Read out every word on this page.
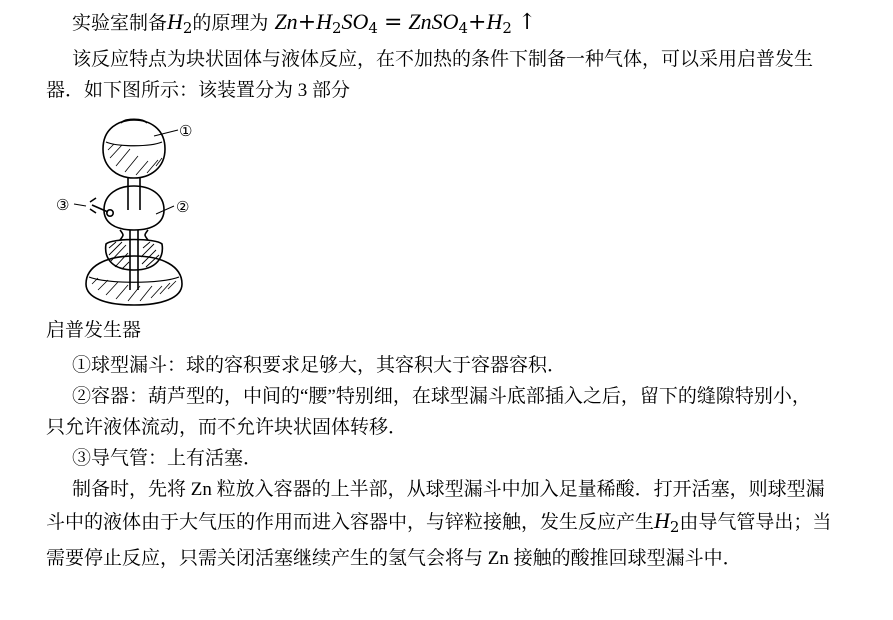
实验室制备$H_2$的原理为 $Zn+H_2SO_4$ = $ZnSO_4+H_2$ ↑
该反应特点为块状固体与液体反应，在不加热的条件下制备一种气体，可以采用启普发生
器．如下图所示：该装置分为 3 部分
①
②
③
启普发生器
①球型漏斗：球的容积要求足够大，其容积大于容器容积．
②容器：葫芦型的，中间的“腰”特别细，在球型漏斗底部插入之后，留下的缝隙特别小，
只允许液体流动，而不允许块状固体转移．
③导气管：上有活塞．
制备时，先将 Zn 粒放入容器的上半部，从球型漏斗中加入足量稀酸．打开活塞，则球型漏
斗中的液体由于大气压的作用而进入容器中，与锌粒接触，发生反应产生$H_2$由导气管导出；当
需要停止反应，只需关闭活塞继续产生的氢气会将与 Zn 接触的酸推回球型漏斗中．
